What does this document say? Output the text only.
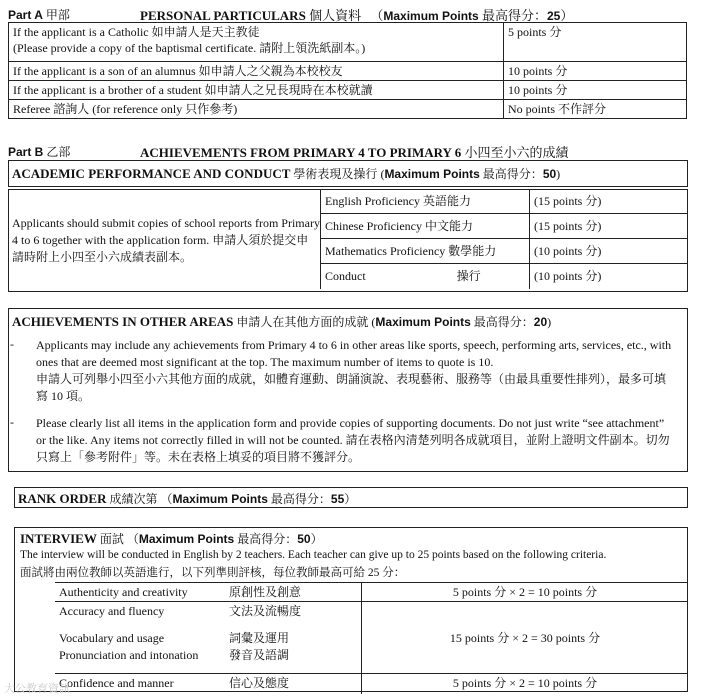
Part A 甲部	PERSONAL PARTICULARS 個人資料 （Maximum Points 最高得分：25）
If the applicant is a Catholic 如申請人是天主教徒
(Please provide a copy of the baptismal certificate. 請附上領洗紙副本。)	5 points 分
If the applicant is a son of an alumnus 如申請人之父親為本校校友	10 points 分
If the applicant is a brother of a student 如申請人之兄長現時在本校就讀	10 points 分
Referee 諮詢人 (for reference only 只作參考)	No points 不作評分
Part B 乙部	ACHIEVEMENTS FROM PRIMARY 4 TO PRIMARY 6 小四至小六的成績
ACADEMIC PERFORMANCE AND CONDUCT 學術表現及操行 (Maximum Points 最高得分：50)
Applicants should submit copies of school reports from Primary 4 to 6 together with the application form. 申請人須於提交申請時附上小四至小六成績表副本。
English Proficiency 英語能力	(15 points 分)
Chinese Proficiency 中文能力	(15 points 分)
Mathematics Proficiency 數學能力	(10 points 分)
Conduct 操行	(10 points 分)
ACHIEVEMENTS IN OTHER AREAS 申請人在其他方面的成就 (Maximum Points 最高得分：20)
- Applicants may include any achievements from Primary 4 to 6 in other areas like sports, speech, performing arts, services, etc., with ones that are deemed most significant at the top. The maximum number of items to quote is 10.
申請人可列舉小四至小六其他方面的成就，如體育運動、朗誦演說、表現藝術、服務等（由最具重要性排列），最多可填寫 10 項。
- Please clearly list all items in the application form and provide copies of supporting documents. Do not just write “see attachment” or the like. Any items not correctly filled in will not be counted. 請在表格內清楚列明各成就項目，並附上證明文件副本。切勿只寫上「參考附件」等。未在表格上填妥的項目將不獲評分。
RANK ORDER 成績次第 （Maximum Points 最高得分：55）
INTERVIEW 面試 （Maximum Points 最高得分：50）
The interview will be conducted in English by 2 teachers. Each teacher can give up to 25 points based on the following criteria.
面試將由兩位教師以英語進行，以下列準則評核，每位教師最高可給 25 分：
Authenticity and creativity 原創性及創意	5 points 分 × 2 = 10 points 分

Accuracy and fluency 文法及流暢度
Vocabulary and usage 詞彙及運用
Pronunciation and intonation 發音及語調	15 points 分 × 2 = 30 points 分
Confidence and manner 信心及態度	5 points 分 × 2 = 10 points 分
大公教育資訊
